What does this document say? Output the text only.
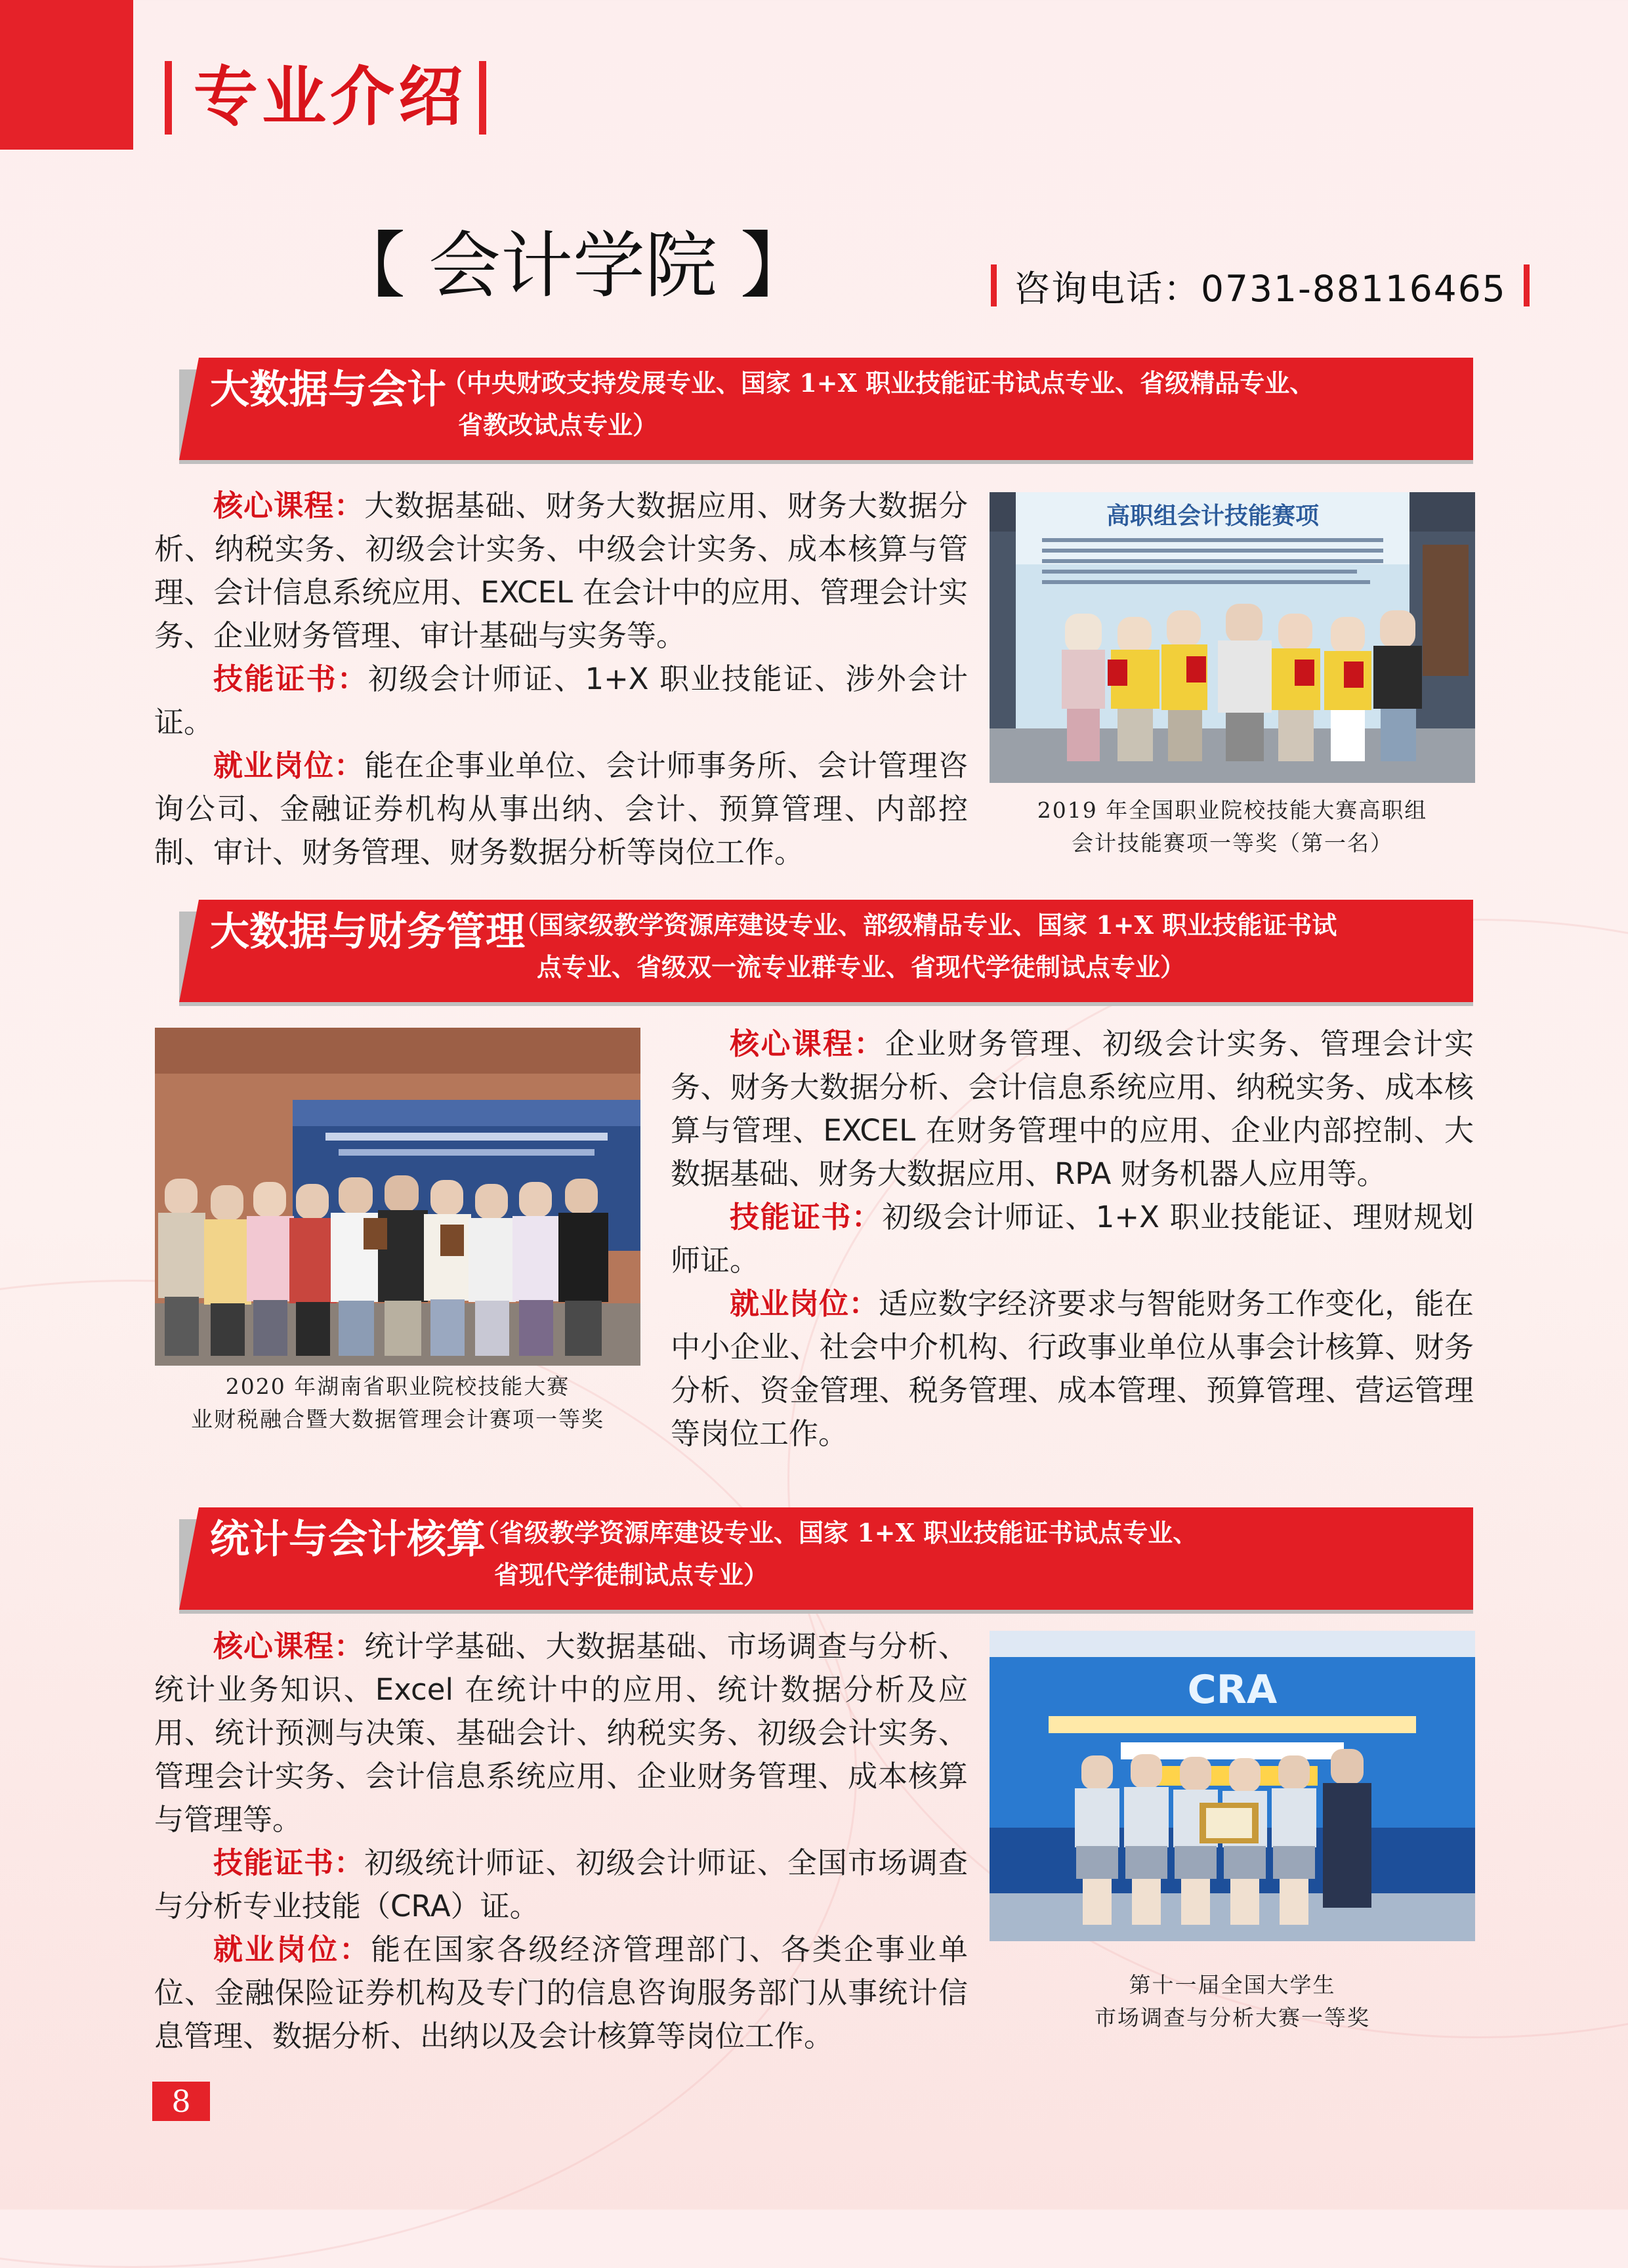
专业介绍
【 会计学院 】	咨询电话：0731-88116465
大数据与会计
（中央财政支持发展专业、国家 1+X 职业技能证书试点专业、省级精品专业、
省教改试点专业）

核心课程：大数据基础、财务大数据应用、财务大数据分析、纳税实务、初级会计实务、中级会计实务、成本核算与管理、会计信息系统应用、EXCEL 在会计中的应用、管理会计实务、企业财务管理、审计基础与实务等。

技能证书：初级会计师证、1+X 职业技能证、涉外会计证。

就业岗位：能在企事业单位、会计师事务所、会计管理咨询公司、金融证券机构从事出纳、会计、预算管理、内部控制、审计、财务管理、财务数据分析等岗位工作。

高职组会计技能赛项
2019 年全国职业院校技能大赛高职组
会计技能赛项一等奖（第一名）
大数据与财务管理
（国家级教学资源库建设专业、部级精品专业、国家 1+X 职业技能证书试
点专业、省级双一流专业群专业、省现代学徒制试点专业）
2020 年湖南省职业院校技能大赛
业财税融合暨大数据管理会计赛项一等奖

核心课程：企业财务管理、初级会计实务、管理会计实务、财务大数据分析、会计信息系统应用、纳税实务、成本核算与管理、EXCEL 在财务管理中的应用、企业内部控制、大数据基础、财务大数据应用、RPA 财务机器人应用等。

技能证书：初级会计师证、1+X 职业技能证、理财规划师证。

就业岗位：适应数字经济要求与智能财务工作变化，能在中小企业、社会中介机构、行政事业单位从事会计核算、财务分析、资金管理、税务管理、成本管理、预算管理、营运管理等岗位工作。

统计与会计核算
（省级教学资源库建设专业、国家 1+X 职业技能证书试点专业、
省现代学徒制试点专业）

核心课程：统计学基础、大数据基础、市场调查与分析、统计业务知识、Excel 在统计中的应用、统计数据分析及应用、统计预测与决策、基础会计、纳税实务、初级会计实务、管理会计实务、会计信息系统应用、企业财务管理、成本核算与管理等。

技能证书：初级统计师证、初级会计师证、全国市场调查与分析专业技能（CRA）证。

就业岗位：能在国家各级经济管理部门、各类企事业单位、金融保险证券机构及专门的信息咨询服务部门从事统计信息管理、数据分析、出纳以及会计核算等岗位工作。

CRA
第十一届全国大学生
市场调查与分析大赛一等奖
8
